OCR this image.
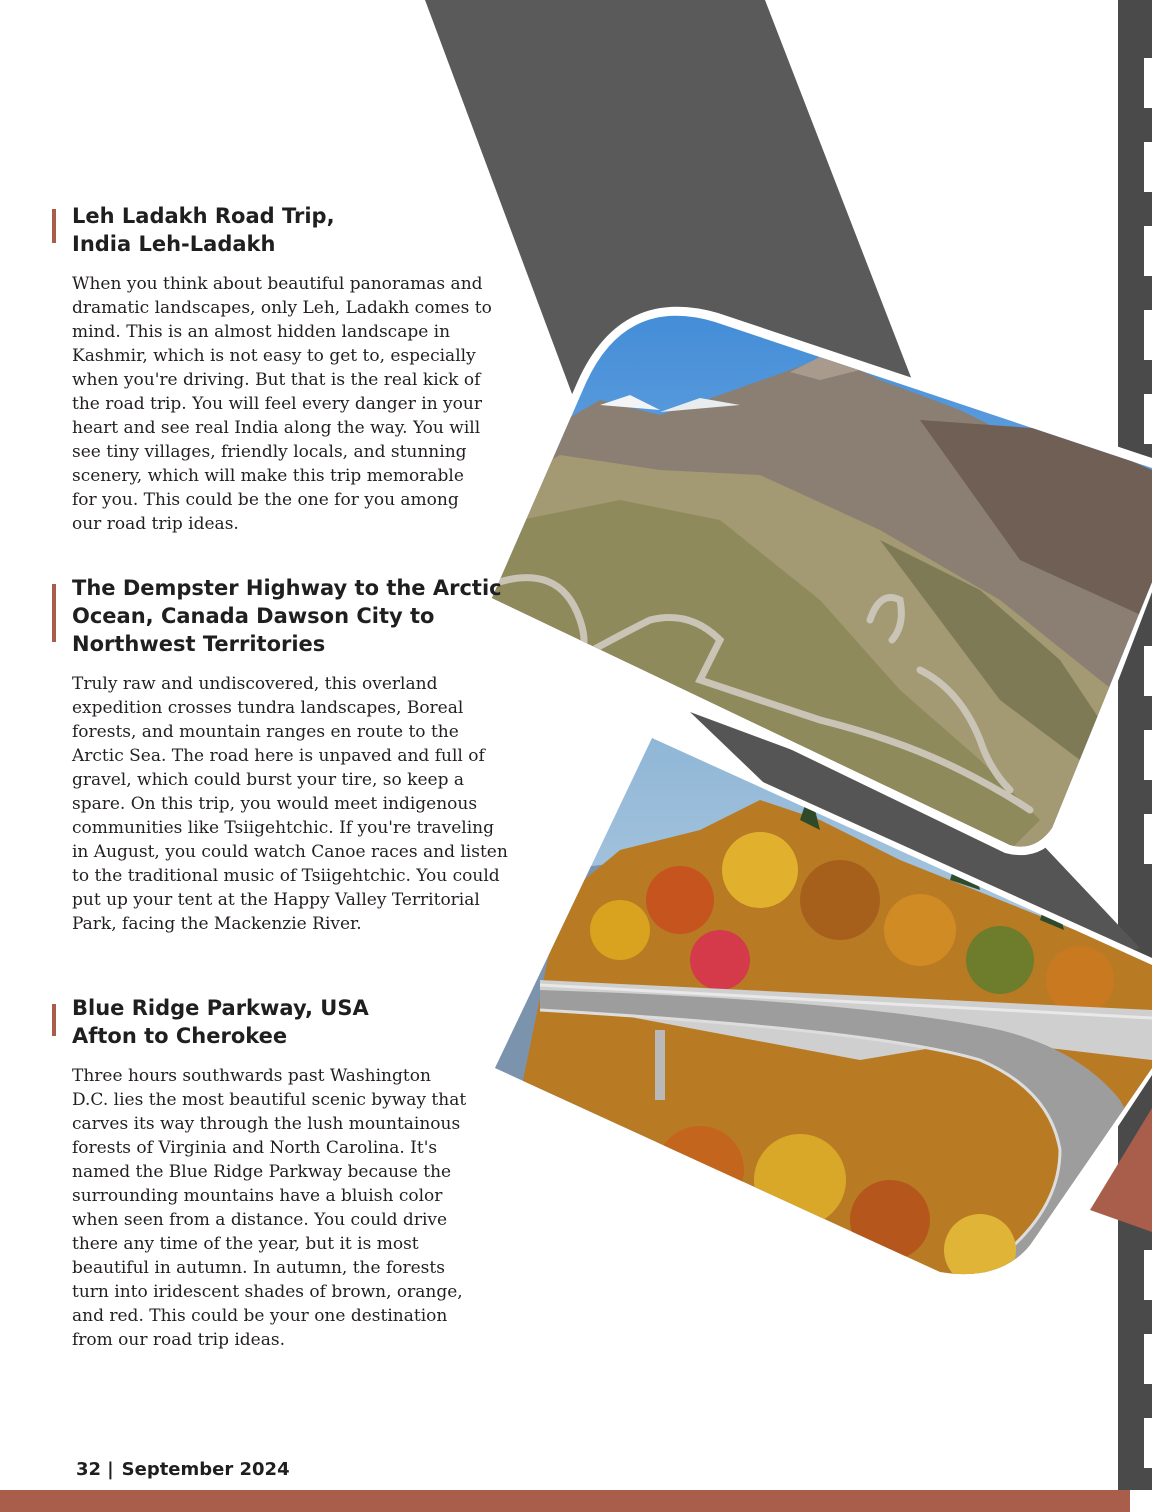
Leh Ladakh Road Trip,
India Leh-Ladakh

When you think about beautiful panoramas and dramatic landscapes, only Leh, Ladakh comes to mind. This is an almost hidden landscape in Kashmir, which is not easy to get to, especially when you're driving. But that is the real kick of the road trip. You will feel every danger in your heart and see real India along the way. You will see tiny villages, friendly locals, and stunning scenery, which will make this trip memorable for you. This could be the one for you among our road trip ideas.

The Dempster Highway to the Arctic
Ocean, Canada Dawson City to
Northwest Territories

Truly raw and undiscovered, this overland expedition crosses tundra landscapes, Boreal forests, and mountain ranges en route to the Arctic Sea. The road here is unpaved and full of gravel, which could burst your tire, so keep a spare. On this trip, you would meet indigenous communities like Tsiigehtchic. If you're traveling in August, you could watch Canoe races and listen to the traditional music of Tsiigehtchic. You could put up your tent at the Happy Valley Territorial Park, facing the Mackenzie River.

Blue Ridge Parkway, USA
Afton to Cherokee

Three hours southwards past Washington D.C. lies the most beautiful scenic byway that carves its way through the lush mountainous forests of Virginia and North Carolina. It's named the Blue Ridge Parkway because the surrounding mountains have a bluish color when seen from a distance. You could drive there any time of the year, but it is most beautiful in autumn. In autumn, the forests turn into iridescent shades of brown, orange, and red. This could be your one destination from our road trip ideas.

32 | September 2024
